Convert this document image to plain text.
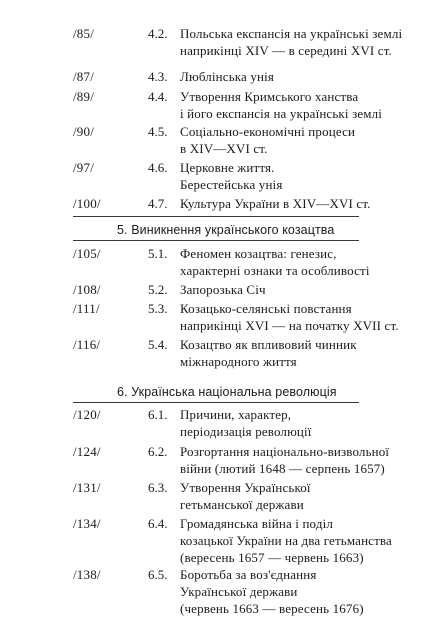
/85/	4.2. Польська експансія на українські землі
наприкінці XIV — в середині XVI ст.
/87/	4.3. Люблінська унія
/89/	4.4. Утворення Кримського ханства
і його експансія на українські землі
/90/	4.5. Соціально-економічні процеси
в XIV—XVI ст.
/97/	4.6. Церковне життя.
Берестейська унія
/100/	4.7. Культура України в XIV—XVI ст.
5. Виникнення українського козацтва
/105/	5.1. Феномен козацтва: генезис,
характерні ознаки та особливості
/108/	5.2. Запорозька Січ
/111/	5.3. Козацько-селянські повстання
наприкінці XVI — на початку XVII ст.
/116/	5.4. Козацтво як впливовий чинник
міжнародного життя
6. Українська національна революція
/120/	6.1. Причини, характер,
періодизація революції
/124/	6.2. Розгортання національно-визвольної
війни (лютий 1648 — серпень 1657)
/131/	6.3. Утворення Української
гетьманської держави
/134/	6.4. Громадянська війна і поділ
козацької України на два гетьманства
(вересень 1657 — червень 1663)
/138/	6.5. Боротьба за воз'єднання
Української держави
(червень 1663 — вересень 1676)
